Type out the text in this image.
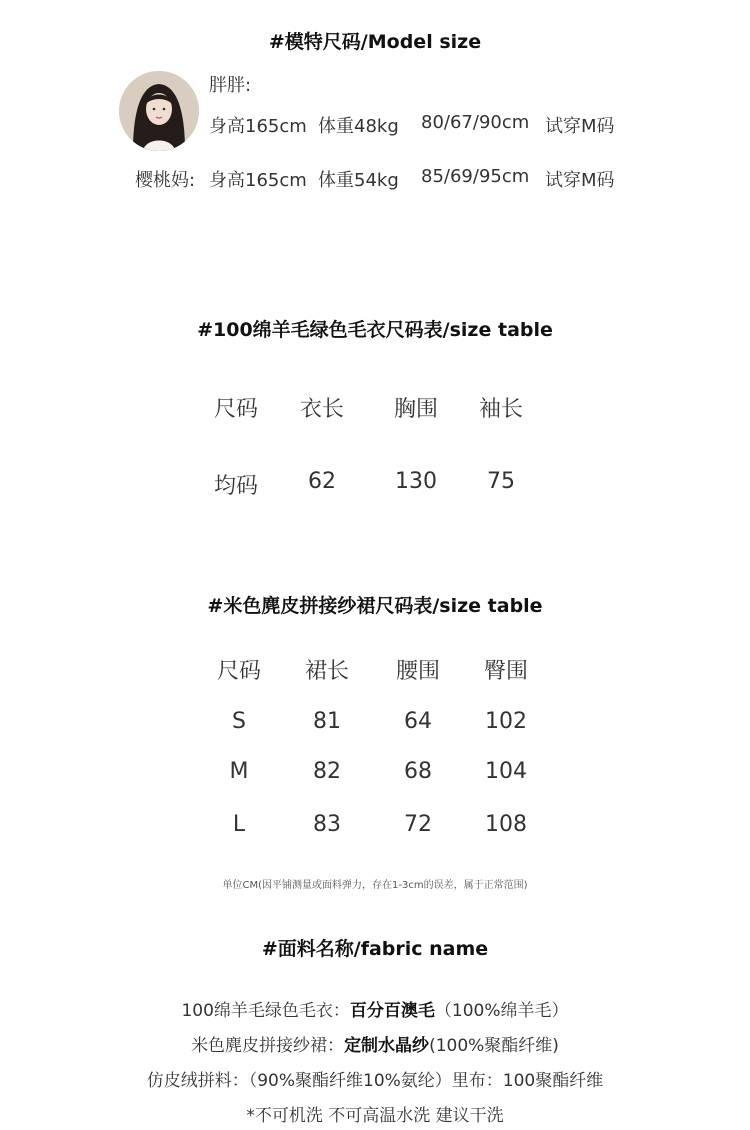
#模特尺码/Model size
胖胖:
身高165cm 体重48kg 80/67/90cm 试穿M码
樱桃妈: 身高165cm 体重54kg 85/69/95cm 试穿M码
#100绵羊毛绿色毛衣尺码表/size table
尺码 衣长 胸围 袖长
均码 62	130 75
#米色麂皮拼接纱裙尺码表/size table
尺码 裙长 腰围 臀围
S	81	64 102
M	82	68 104
L	83	72 108
单位CM(因平铺测量或面料弹力，存在1-3cm的误差，属于正常范围)
#面料名称/fabric name
100绵羊毛绿色毛衣：百分百澳毛（100%绵羊毛）
米色麂皮拼接纱裙：定制水晶纱(100%聚酯纤维)
仿皮绒拼料：（90%聚酯纤维10%氨纶）里布：100聚酯纤维
*不可机洗 不可高温水洗 建议干洗
